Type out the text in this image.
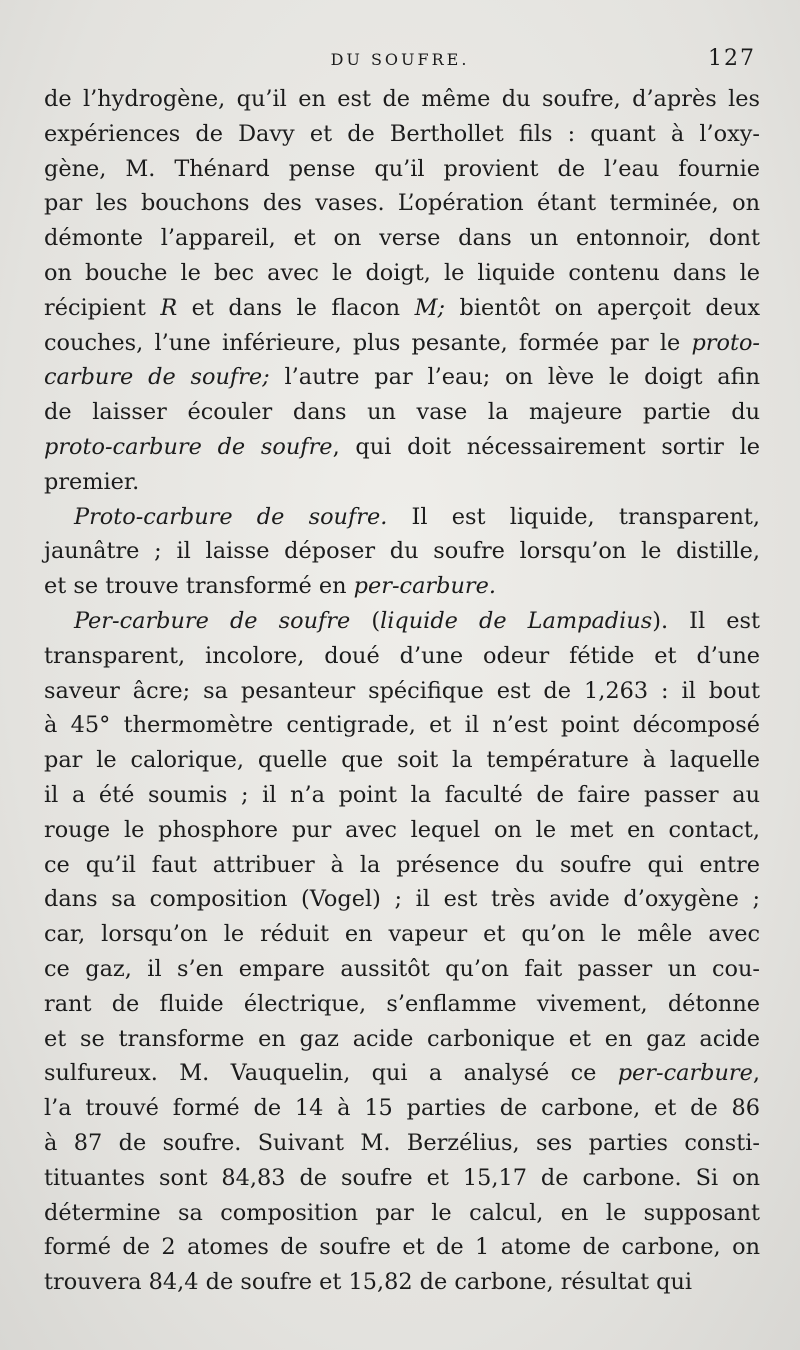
DU SOUFRE.	127
de l’hydrogène, qu’il en est de même du soufre, d’après les
expériences de Davy et de Berthollet fils : quant à l’oxy-
gène, M. Thénard pense qu’il provient de l’eau fournie
par les bouchons des vases. L’opération étant terminée, on
démonte l’appareil, et on verse dans un entonnoir, dont
on bouche le bec avec le doigt, le liquide contenu dans le
récipient R et dans le flacon M; bientôt on aperçoit deux
couches, l’une inférieure, plus pesante, formée par le proto-
carbure de soufre; l’autre par l’eau; on lève le doigt afin
de laisser écouler dans un vase la majeure partie du
proto-carbure de soufre, qui doit nécessairement sortir le
premier.
Proto-carbure de soufre. Il est liquide, transparent,
jaunâtre ; il laisse déposer du soufre lorsqu’on le distille,
et se trouve transformé en per-carbure.
Per-carbure de soufre (liquide de Lampadius). Il est
transparent, incolore, doué d’une odeur fétide et d’une
saveur âcre; sa pesanteur spécifique est de 1,263 : il bout
à 45° thermomètre centigrade, et il n’est point décomposé
par le calorique, quelle que soit la température à laquelle
il a été soumis ; il n’a point la faculté de faire passer au
rouge le phosphore pur avec lequel on le met en contact,
ce qu’il faut attribuer à la présence du soufre qui entre
dans sa composition (Vogel) ; il est très avide d’oxygène ;
car, lorsqu’on le réduit en vapeur et qu’on le mêle avec
ce gaz, il s’en empare aussitôt qu’on fait passer un cou-
rant de fluide électrique, s’enflamme vivement, détonne
et se transforme en gaz acide carbonique et en gaz acide
sulfureux. M. Vauquelin, qui a analysé ce per-carbure,
l’a trouvé formé de 14 à 15 parties de carbone, et de 86
à 87 de soufre. Suivant M. Berzélius, ses parties consti-
tituantes sont 84,83 de soufre et 15,17 de carbone. Si on
détermine sa composition par le calcul, en le supposant
formé de 2 atomes de soufre et de 1 atome de carbone, on
trouvera 84,4 de soufre et 15,82 de carbone, résultat qui
